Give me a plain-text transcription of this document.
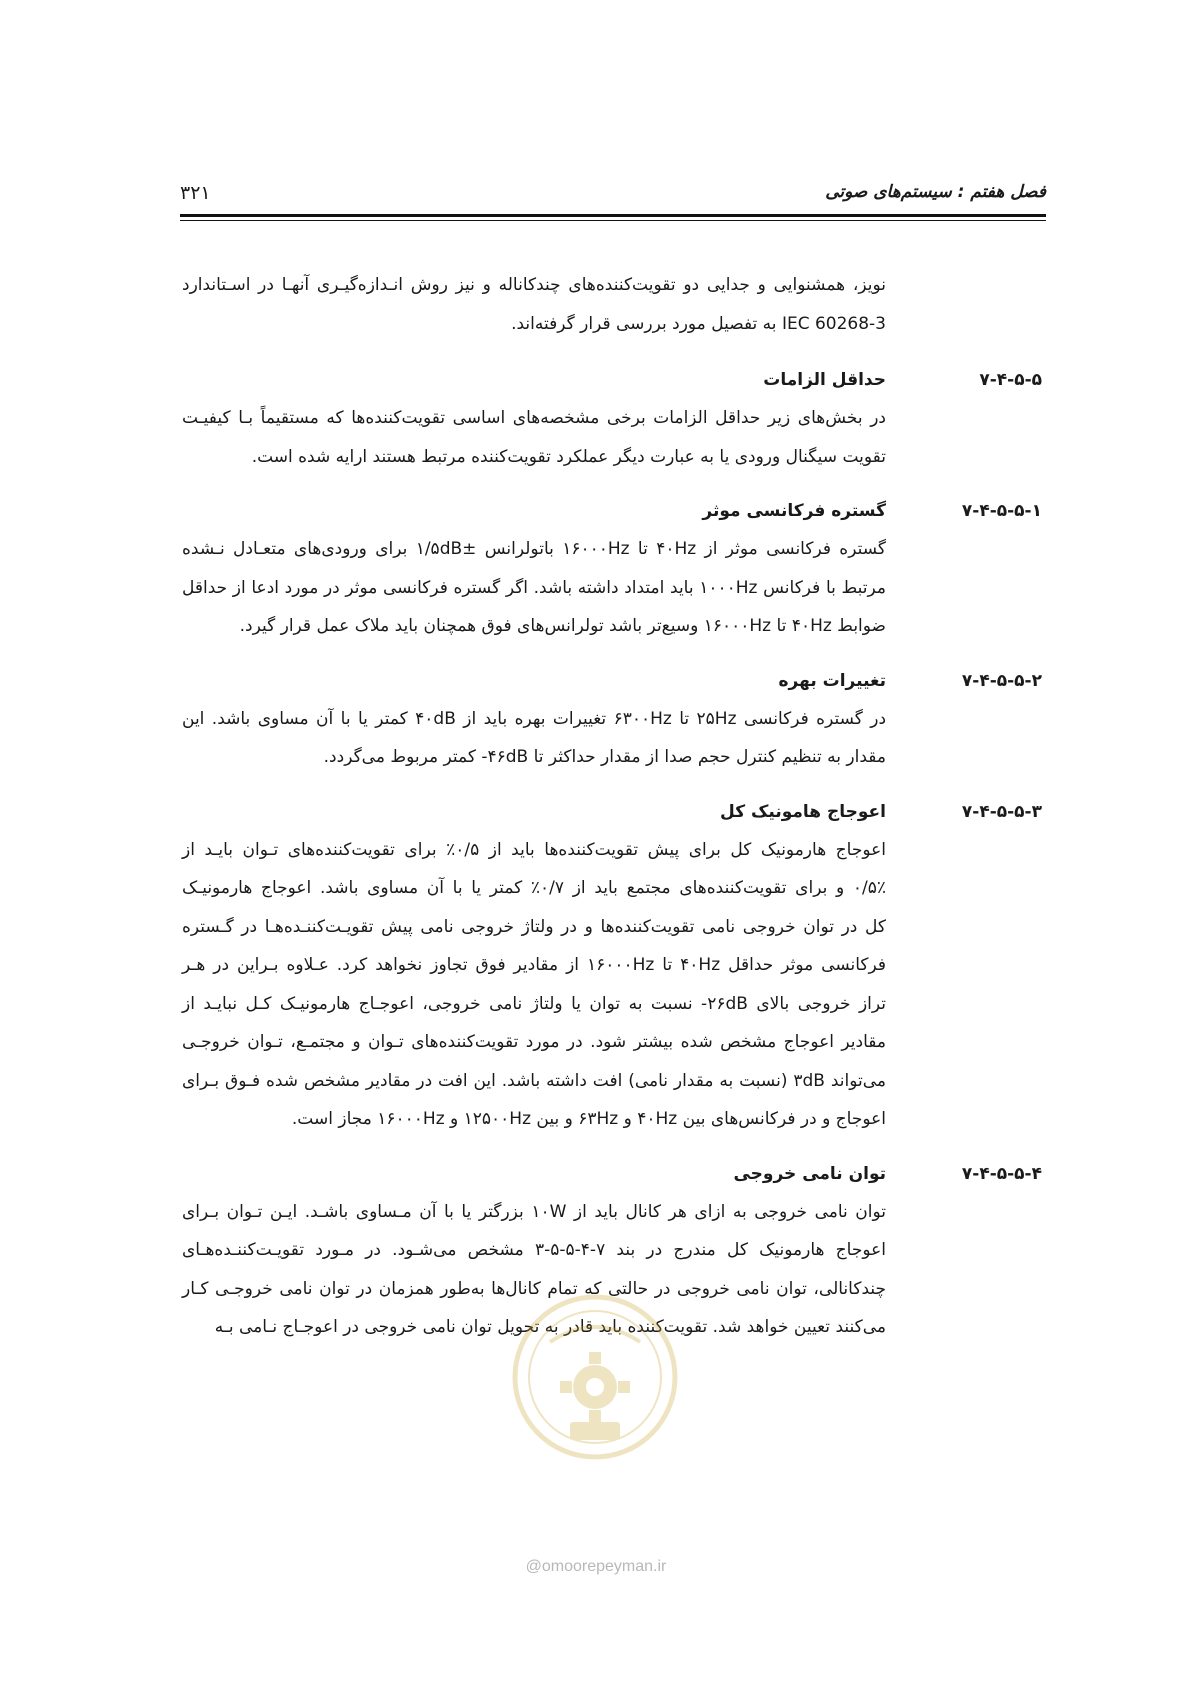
فصل هفتم : سیستم‌های صوتی
۳۲۱

نویز، همشنوایی و جدایی دو تقویت‌کننده‌های چندکاناله و نیز روش انـدازه‌گیـری آنهـا در اسـتاندارد

IEC 60268-3 به تفصیل مورد بررسی قرار گرفته‌اند.

۷-۴-۵-۵
حداقل الزامات

در بخش‌های زیر حداقل الزامات برخی مشخصه‌های اساسی تقویت‌کننده‌ها که مستقیماً بـا کیفیـت

تقویت سیگنال ورودی یا به عبارت دیگر عملکرد تقویت‌کننده مرتبط هستند ارایه شده است.

۷-۴-۵-۵-۱
گستره فرکانسی موثر

گستره فرکانسی موثر از ۴۰Hz تا ۱۶۰۰۰Hz باتولرانس ±۱/۵dB برای ورودی‌های متعـادل نـشده

مرتبط با فرکانس ۱۰۰۰Hz باید امتداد داشته باشد. اگر گستره فرکانسی موثر در مورد ادعا از حداقل

ضوابط ۴۰Hz تا ۱۶۰۰۰Hz وسیع‌تر باشد تولرانس‌های فوق همچنان باید ملاک عمل قرار گیرد.

۷-۴-۵-۵-۲
تغییرات بهره

در گستره فرکانسی ۲۵Hz تا ۶۳۰۰Hz تغییرات بهره باید از ۴۰dB کمتر یا با آن مساوی باشد. این

مقدار به تنظیم کنترل حجم صدا از مقدار حداکثر تا ۴۶dB- کمتر مربوط می‌گردد.

۷-۴-۵-۵-۳
اعوجاج هامونیک کل

اعوجاج هارمونیک کل برای پیش تقویت‌کننده‌ها باید از ۰/۵٪ برای تقویت‌کننده‌های تـوان بایـد از

۰/۵٪ و برای تقویت‌کننده‌های مجتمع باید از ۰/۷٪ کمتر یا با آن مساوی باشد. اعوجاج هارمونیـک

کل در توان خروجی نامی تقویت‌کننده‌ها و در ولتاژ خروجی نامی پیش تقویـت‌کننـده‌هـا در گـستره

فرکانسی موثر حداقل ۴۰Hz تا ۱۶۰۰۰Hz از مقادیر فوق تجاوز نخواهد کرد. عـلاوه بـراین در هـر

تراز خروجی بالای ۲۶dB- نسبت به توان یا ولتاژ نامی خروجی، اعوجـاج هارمونیـک کـل نبایـد از

مقادیر اعوجاج مشخص شده بیشتر شود. در مورد تقویت‌کننده‌های تـوان و مجتمـع، تـوان خروجـی

می‌تواند ۳dB (نسبت به مقدار نامی) افت داشته باشد. این افت در مقادیر مشخص شده فـوق بـرای

اعوجاج و در فرکانس‌های بین ۴۰Hz و ۶۳Hz و بین ۱۲۵۰۰Hz و ۱۶۰۰۰Hz مجاز است.

۷-۴-۵-۵-۴
توان نامی خروجی

توان نامی خروجی به ازای هر کانال باید از ۱۰W بزرگتر یا با آن مـساوی باشـد. ایـن تـوان بـرای

اعوجاج هارمونیک کل مندرج در بند ۷-۴-۵-۵-۳ مشخص می‌شـود. در مـورد تقویـت‌کننـده‌هـای

چندکانالی، توان نامی خروجی در حالتی که تمام کانال‌ها به‌طور همزمان در توان نامی خروجـی کـار

می‌کنند تعیین خواهد شد. تقویت‌کننده باید قادر به تحویل توان نامی خروجی در اعوجـاج نـامی بـه

@omoorepeyman.ir
